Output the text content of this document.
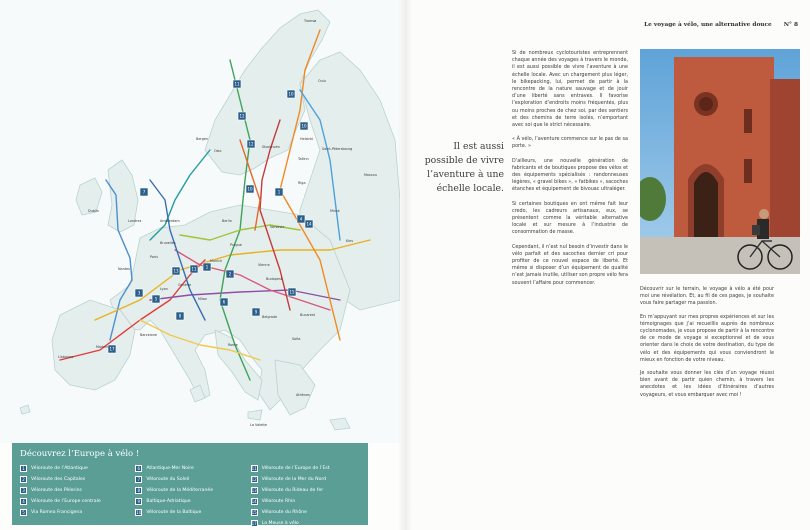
Tromsø
Oulu
Bergen
Oslo
Stockholm
Helsinki
Saint-Pétersbourg
Moscou
Tallinn
Riga
Minsk
Kiev
Dublin
Londres	Amsterdam	Berlin
Varsovie
Bruxelles
Paris
Prague
Vienne
Budapest
Munich
Nantes
Lyon
Genève
Milan
Belgrade	Bucarest
Sofia
Rome
Athènes
Madrid
Lisbonne
Barcelone
La Valette
11
10
10
12
12
10
7
4
14
13	11 1
2
3	15
5
6
9
8
17
1
Découvrez l’Europe à vélo !
1	Véloroute de l’Atlantique
2	Véloroute des Capitales
3	Véloroute des Pèlerins
4	Véloroute de l’Europe centrale
5	Via Romea Francigena
6	Atlantique-Mer Noire
7	Véloroute du Soleil
8	Véloroute de la Méditerranée
9	Baltique-Adriatique
10 Véloroute de la Baltique
11 Véloroute de l’Europe de l’Est
12 Véloroute de la Mer du Nord
13 Véloroute du Rideau de fer
14 Véloroute Rhin
15 Véloroute du Rhône
17 La Meuse à vélo
Il est aussi
possible de vivre
l’aventure à une
échelle locale.
Le voyage à vélo, une alternative douce N° 8

Si de nombreux cyclotouristes entreprennent chaque année des voyages à travers le monde, il est aussi possible de vivre l’aventure à une échelle locale. Avec un chargement plus léger, le bikepacking, lui, permet de partir à la rencontre de la nature sauvage et de jouir d’une liberté sans entraves. Il favorise l’exploration d’endroits moins fréquentés, plus ou moins proches de chez soi, par des sentiers et des chemins de terre isolés, n’emportant avec soi que le strict nécessaire.

« À vélo, l’aventure commence sur le pas de sa porte. »

D’ailleurs, une nouvelle génération de fabricants et de boutiques propose des vélos et des équipements spécialisés : randonneuses légères, « gravel bikes », « fatbikes », sacoches étanches et équipement de bivouac ultraléger.

Si certaines boutiques en ont même fait leur credo, les cadreurs artisanaux, eux, se présentent comme la véritable alternative locale et sur mesure à l’industrie de consommation de masse.

Cependant, il n’est nul besoin d’investir dans le vélo parfait et des sacoches dernier cri pour profiter de ce nouvel espace de liberté. Et même si disposer d’un équipement de qualité n’est jamais inutile, utiliser son propre vélo fera souvent l’affaire pour commencer.

Découvrir sur le terrain, le voyage à vélo a été pour moi une révélation. Et, au fil de ces pages, je souhaite vous faire partager ma passion.

En m’appuyant sur mes propres expériences et sur les témoignages que j’ai recueillis auprès de nombreux cyclonomades, je vous propose de partir à la rencontre de ce mode de voyage si exceptionnel et de vous orienter dans le choix de votre destination, du type de vélo et des équipements qui vous conviendront le mieux en fonction de votre niveau.

Je souhaite vous donner les clés d’un voyage réussi bien avant de partir quien chemin, à travers les anecdotes et les idées d’itinéraires d’autres voyageurs, et vous embarquer avec moi !
